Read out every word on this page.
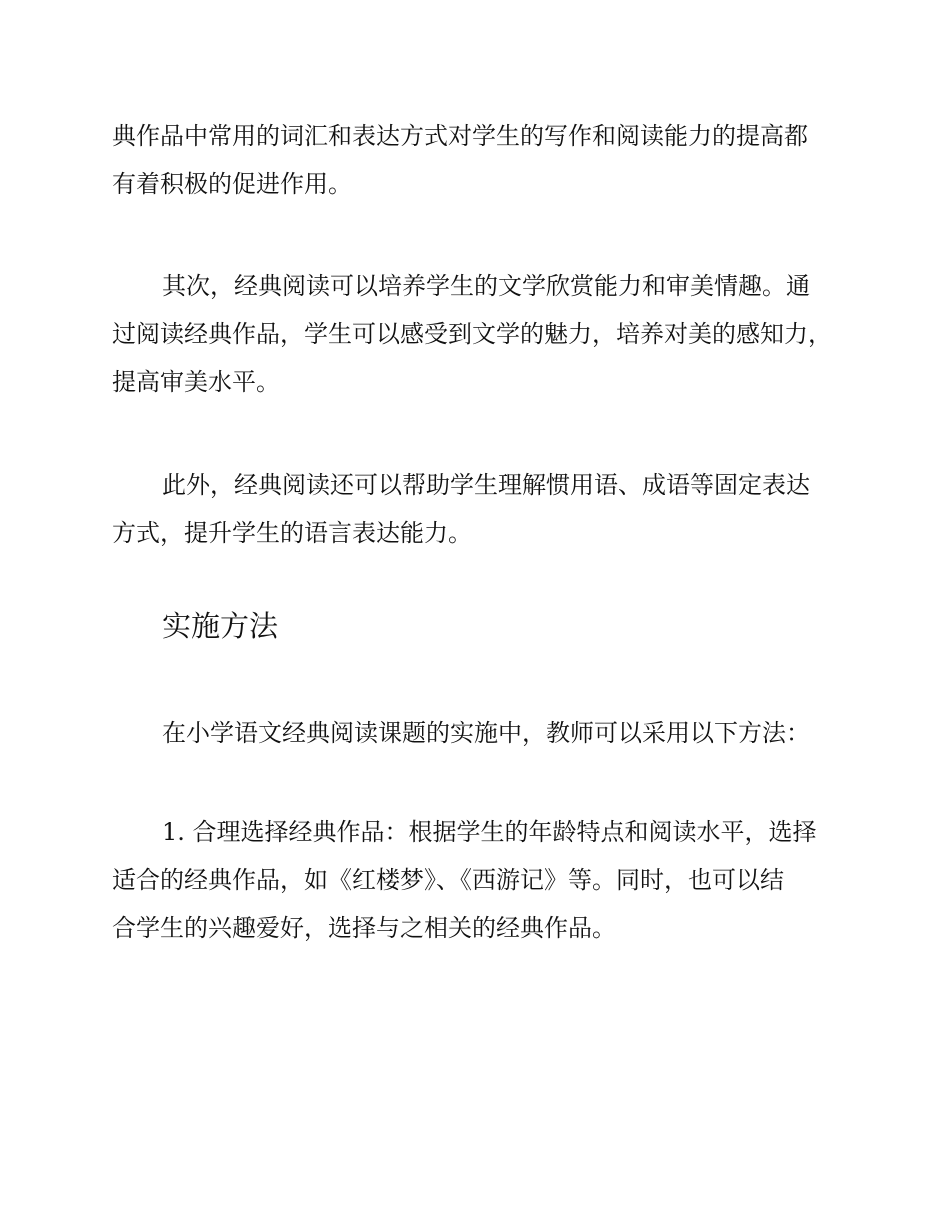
典作品中常用的词汇和表达方式对学生的写作和阅读能力的提高都
有着积极的促进作用。

其次，经典阅读可以培养学生的文学欣赏能力和审美情趣。通
过阅读经典作品，学生可以感受到文学的魅力，培养对美的感知力，
提高审美水平。

此外，经典阅读还可以帮助学生理解惯用语、成语等固定表达
方式，提升学生的语言表达能力。

实施方法

在小学语文经典阅读课题的实施中，教师可以采用以下方法：

1. 合理选择经典作品：根据学生的年龄特点和阅读水平，选择
适合的经典作品，如《红楼梦》、《西游记》等。同时，也可以结
合学生的兴趣爱好，选择与之相关的经典作品。
